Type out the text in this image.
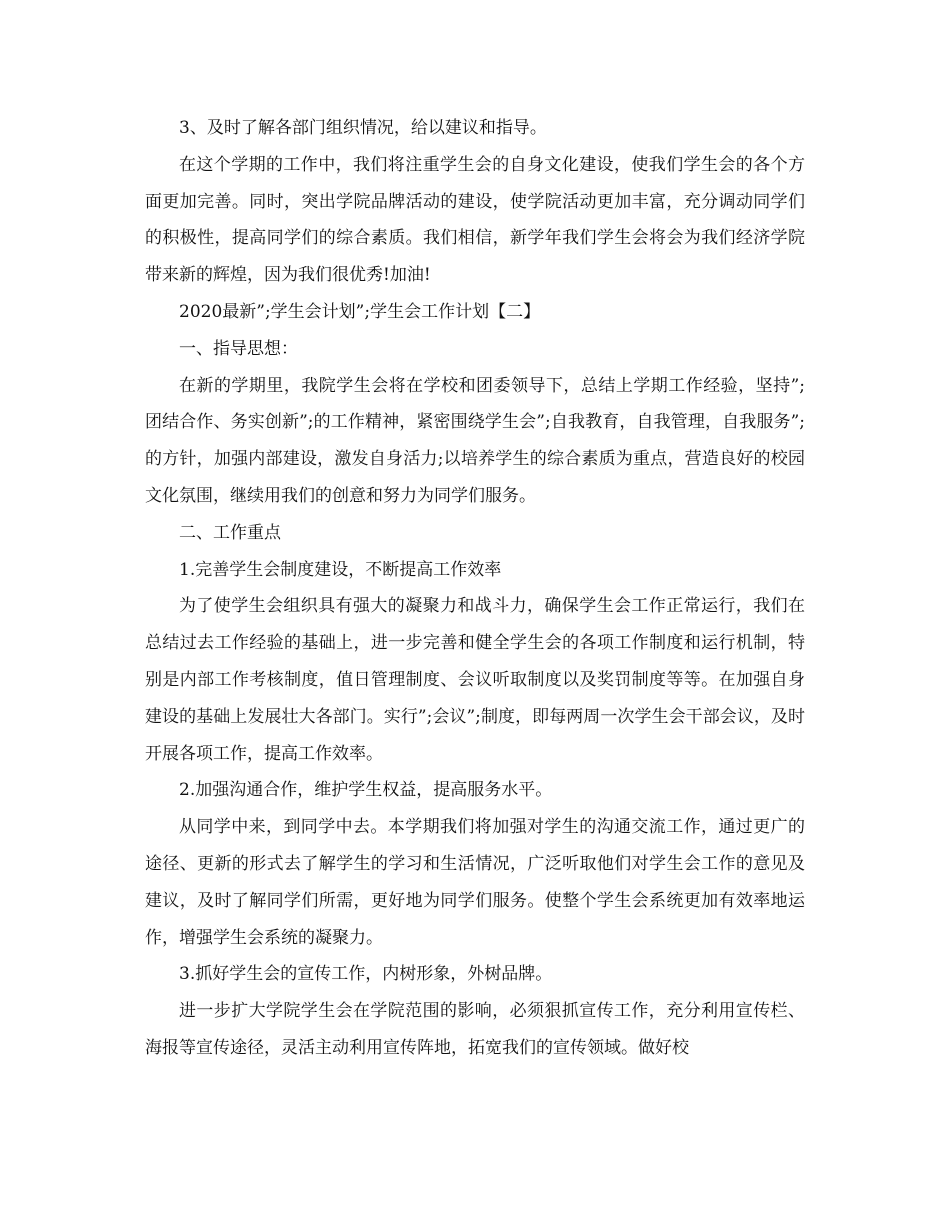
3、及时了解各部门组织情况，给以建议和指导。

在这个学期的工作中，我们将注重学生会的自身文化建设，使我们学生会的各个方面更加完善。同时，突出学院品牌活动的建设，使学院活动更加丰富，充分调动同学们的积极性，提高同学们的综合素质。我们相信，新学年我们学生会将会为我们经济学院带来新的辉煌，因为我们很优秀!加油!

2020最新”;学生会计划”;学生会工作计划【二】

一、指导思想：

在新的学期里，我院学生会将在学校和团委领导下，总结上学期工作经验，坚持”;团结合作、务实创新”;的工作精神，紧密围绕学生会”;自我教育，自我管理，自我服务”;的方针，加强内部建设，激发自身活力;以培养学生的综合素质为重点，营造良好的校园文化氛围，继续用我们的创意和努力为同学们服务。

二、工作重点

1.完善学生会制度建设，不断提高工作效率

为了使学生会组织具有强大的凝聚力和战斗力，确保学生会工作正常运行，我们在总结过去工作经验的基础上，进一步完善和健全学生会的各项工作制度和运行机制，特别是内部工作考核制度，值日管理制度、会议听取制度以及奖罚制度等等。在加强自身建设的基础上发展壮大各部门。实行”;会议”;制度，即每两周一次学生会干部会议，及时开展各项工作，提高工作效率。

2.加强沟通合作，维护学生权益，提高服务水平。

从同学中来，到同学中去。本学期我们将加强对学生的沟通交流工作，通过更广的途径、更新的形式去了解学生的学习和生活情况，广泛听取他们对学生会工作的意见及建议，及时了解同学们所需，更好地为同学们服务。使整个学生会系统更加有效率地运作，增强学生会系统的凝聚力。

3.抓好学生会的宣传工作，内树形象，外树品牌。

进一步扩大学院学生会在学院范围的影响，必须狠抓宣传工作，充分利用宣传栏、海报等宣传途径，灵活主动利用宣传阵地，拓宽我们的宣传领域。做好校
